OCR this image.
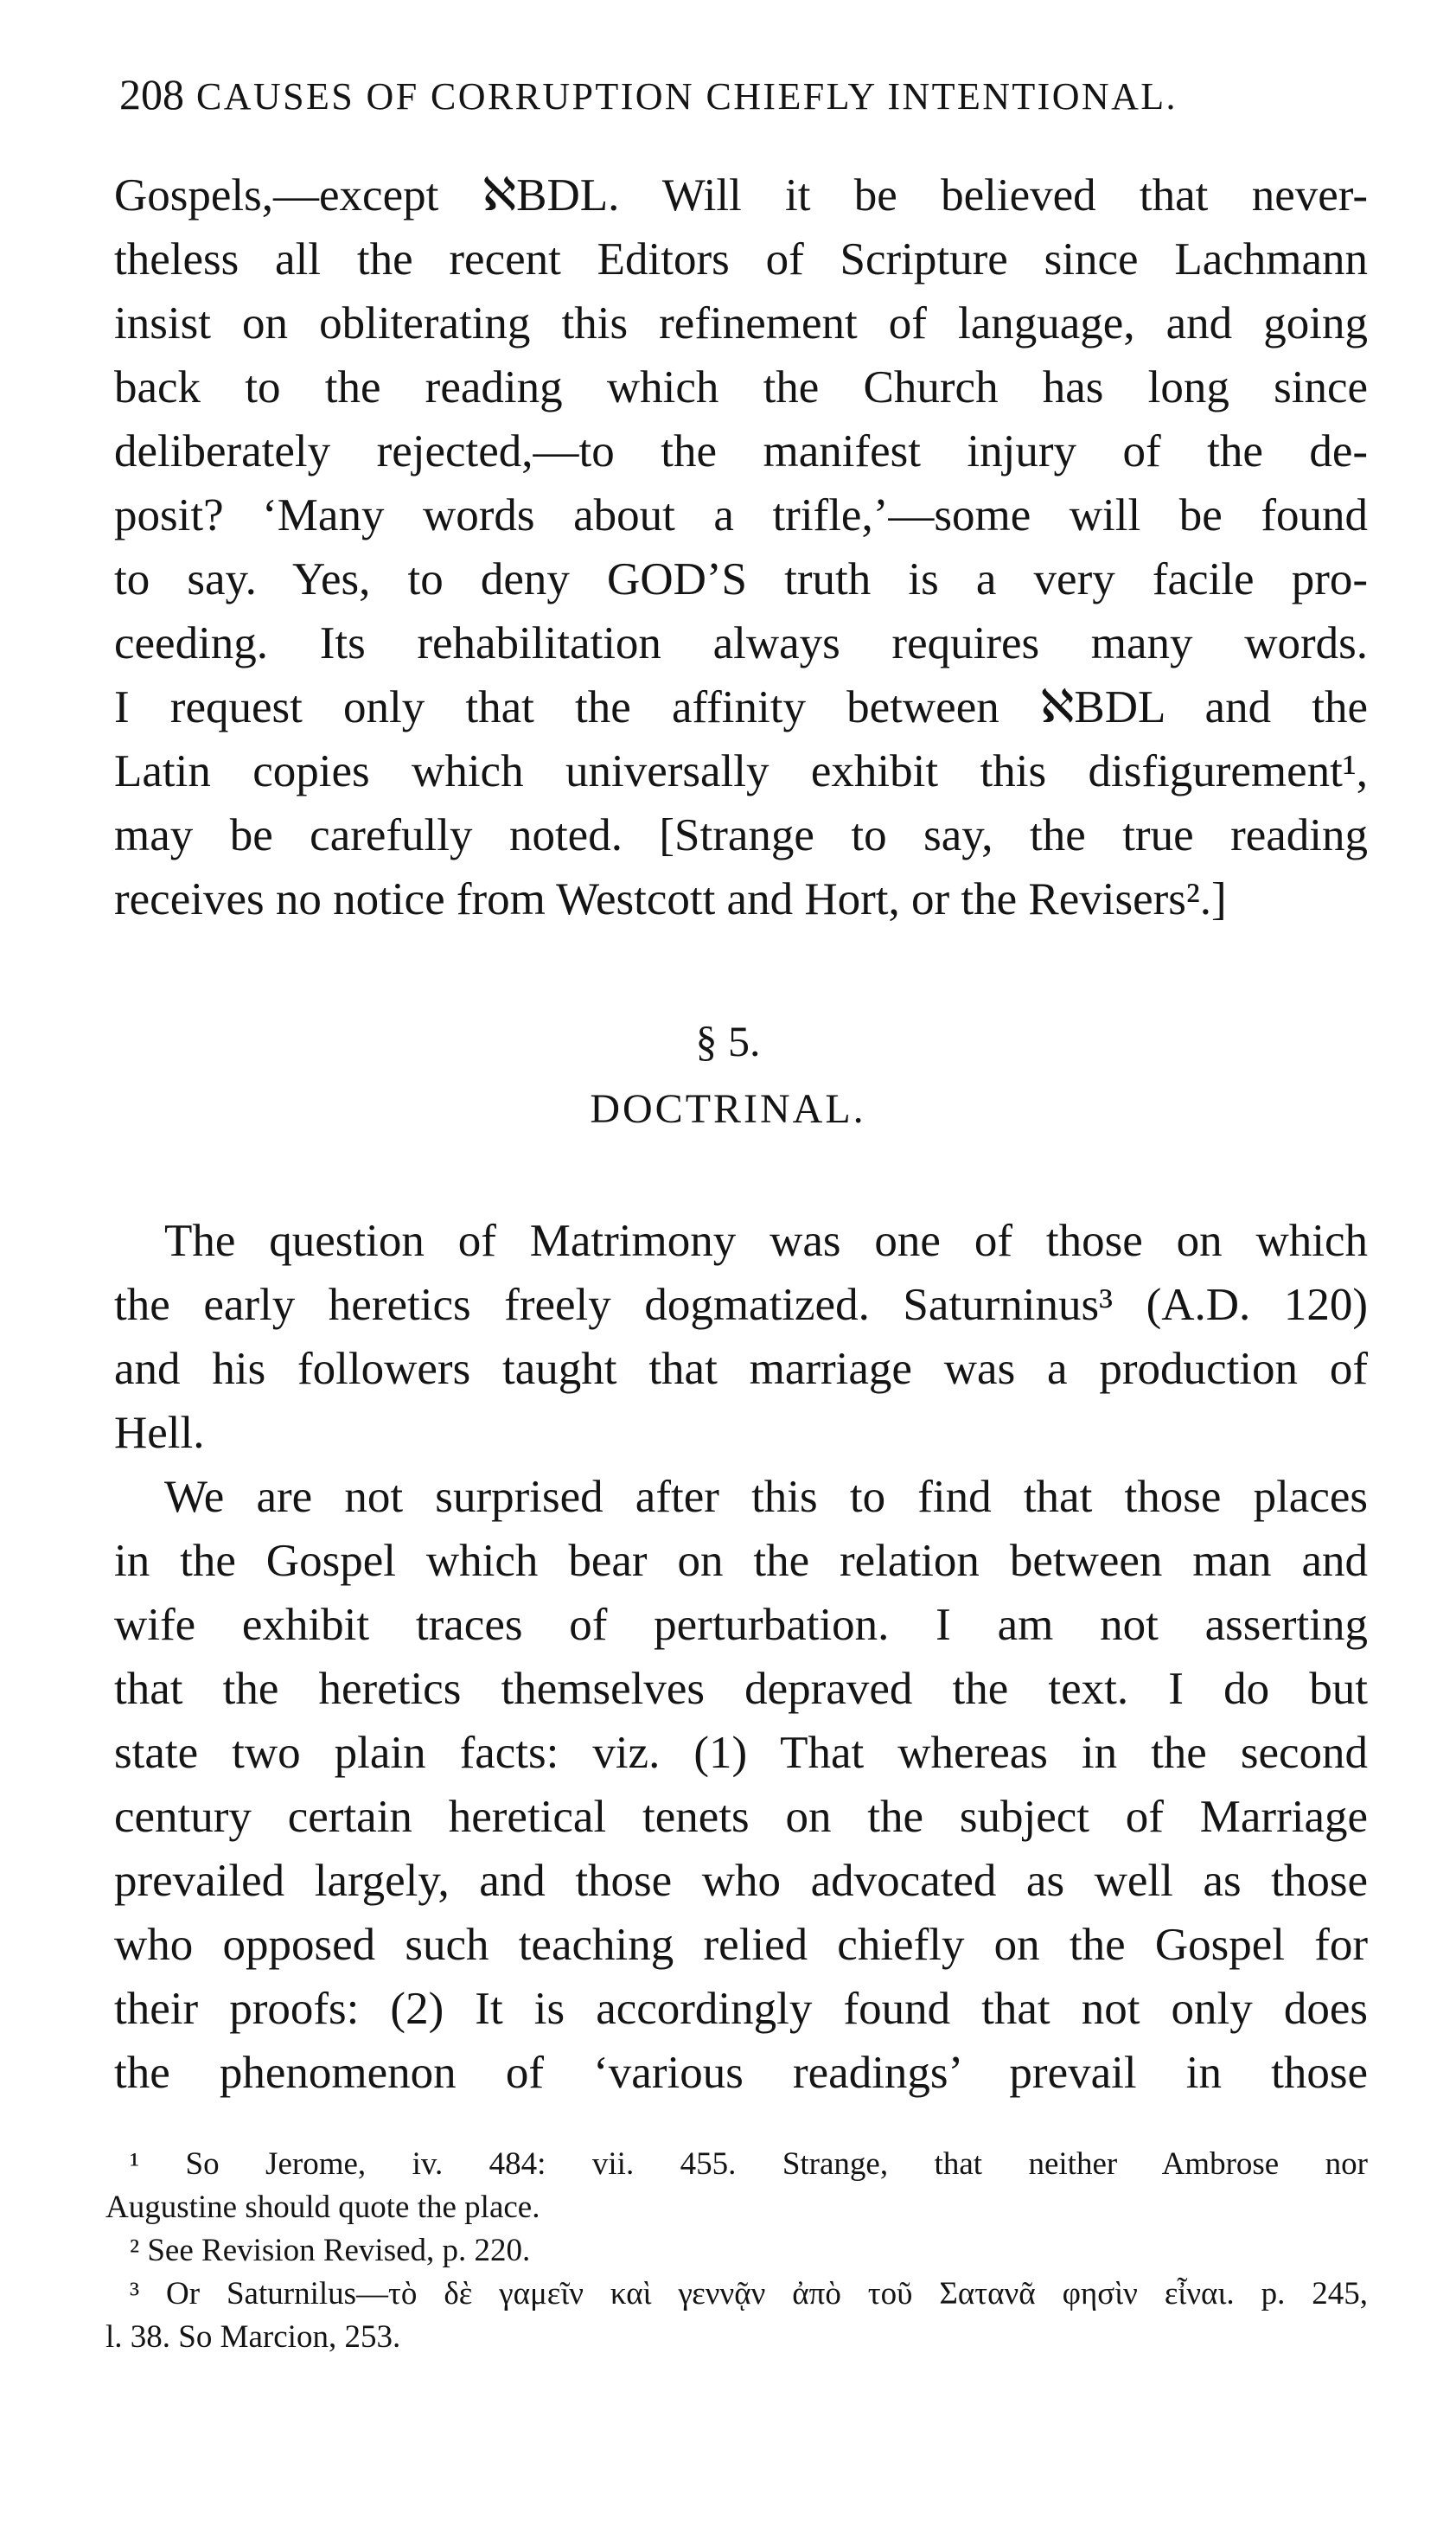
208 CAUSES OF CORRUPTION CHIEFLY INTENTIONAL.
Gospels,—except ℵBDL. Will it be believed that never-
theless all the recent Editors of Scripture since Lachmann
insist on obliterating this refinement of language, and going
back to the reading which the Church has long since
deliberately rejected,—to the manifest injury of the de-
posit? ‘Many words about a trifle,’—some will be found
to say. Yes, to deny GOD’S truth is a very facile pro-
ceeding. Its rehabilitation always requires many words.
I request only that the affinity between ℵBDL and the
Latin copies which universally exhibit this disfigurement¹,
may be carefully noted. [Strange to say, the true reading
receives no notice from Westcott and Hort, or the Revisers².]
§ 5.
DOCTRINAL.
The question of Matrimony was one of those on which
the early heretics freely dogmatized. Saturninus³ (A.D. 120)
and his followers taught that marriage was a production of
Hell.
We are not surprised after this to find that those places
in the Gospel which bear on the relation between man and
wife exhibit traces of perturbation. I am not asserting
that the heretics themselves depraved the text. I do but
state two plain facts: viz. (1) That whereas in the second
century certain heretical tenets on the subject of Marriage
prevailed largely, and those who advocated as well as those
who opposed such teaching relied chiefly on the Gospel for
their proofs: (2) It is accordingly found that not only does
the phenomenon of ‘various readings’ prevail in those
¹ So Jerome, iv. 484: vii. 455. Strange, that neither Ambrose nor
Augustine should quote the place.
² See Revision Revised, p. 220.
³ Or Saturnilus—τὸ δὲ γαμεῖν καὶ γεννᾷν ἀπὸ τοῦ Σατανᾶ φησὶν εἶναι. p. 245,
l. 38. So Marcion, 253.
